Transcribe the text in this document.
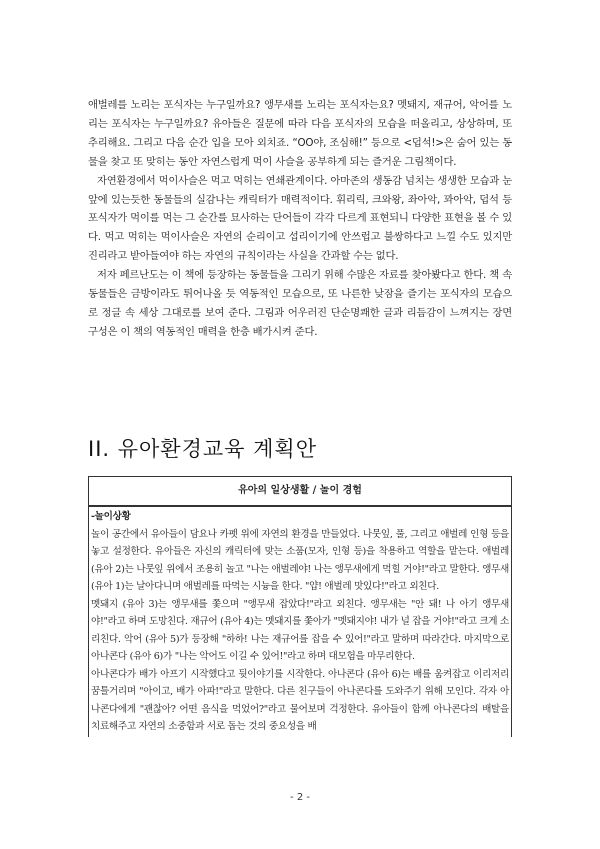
애벌레를 노리는 포식자는 누구일까요? 앵무새를 노리는 포식자는요? 멧돼지, 재규어, 악어를 노리는 포식자는 누구일까요? 유아들은 질문에 따라 다음 포식자의 모습을 떠올리고, 상상하며, 또 추리해요. 그리고 다음 순간 입을 모아 외치죠. “OO야, 조심해!” 등으로 <덥석!>은 숨어 있는 동물을 찾고 또 맞히는 동안 자연스럽게 먹이 사슬을 공부하게 되는 즐거운 그림책이다.

자연환경에서 먹이사슬은 먹고 먹히는 연쇄관계이다. 아마존의 생동감 넘치는 생생한 모습과 눈앞에 있는듯한 동물들의 실감나는 캐릭터가 매력적이다. 휘리릭, 크와왕, 좌아악, 꽈아악, 덥석 등 포식자가 먹이를 먹는 그 순간를 묘사하는 단어들이 각각 다르게 표현되니 다양한 표현을 볼 수 있다. 먹고 먹히는 먹이사슬은 자연의 순리이고 섭리이기에 안쓰럽고 불쌍하다고 느낄 수도 있지만 진리라고 받아들여야 하는 자연의 규칙이라는 사실을 간과할 수는 없다.

저자 페르난도는 이 책에 등장하는 동물들을 그리기 위해 수많은 자료를 찾아봤다고 한다. 책 속 동물들은 금방이라도 튀어나올 듯 역동적인 모습으로, 또 나른한 낮잠을 즐기는 포식자의 모습으로 정글 속 세상 그대로를 보여 준다. 그림과 어우러진 단순명쾌한 글과 리듬감이 느껴지는 장면 구성은 이 책의 역동적인 매력을 한층 배가시켜 준다.

II. 유아환경교육 계획안
유아의 일상생활 / 놀이 경험

-놀이상황

놀이 공간에서 유아들이 담요나 카펫 위에 자연의 환경을 만들었다. 나뭇잎, 풀, 그리고 애벌레 인형 등을 놓고 설정한다. 유아들은 자신의 캐릭터에 맞는 소품(모자, 인형 등)을 착용하고 역할을 맡는다. 애벌레 (유아 2)는 나뭇잎 위에서 조용히 놀고 "나는 애벌레야! 나는 앵무새에게 먹힐 거야!"라고 말한다. 앵무새 (유아 1)는 날아다니며 애벌레를 따먹는 시늉을 한다. "얍! 애벌레 맛있다!"라고 외친다.

멧돼지 (유아 3)는 앵무새를 쫓으며 "앵무새 잡았다!"라고 외친다. 앵무새는 "안 돼! 나 아기 앵무새야!"라고 하며 도망친다. 재규어 (유아 4)는 멧돼지를 쫓아가 "멧돼지야! 내가 널 잡을 거야!"라고 크게 소리친다. 악어 (유아 5)가 등장해 "하하! 나는 재규어를 잡을 수 있어!"라고 말하며 따라간다. 마지막으로 아나콘다 (유아 6)가 "나는 악어도 이길 수 있어!"라고 하며 대모험을 마무리한다.

아나콘다가 배가 아프기 시작했다고 뒷이야기를 시작한다. 아나콘다 (유아 6)는 배를 움켜잡고 이리저리 꿈틀거리며 "아이고, 배가 아파!"라고 말한다. 다른 친구들이 아나콘다를 도와주기 위해 모인다. 각자 아나콘다에게 "괜찮아? 어떤 음식을 먹었어?"라고 물어보며 걱정한다. 유아들이 함께 아나콘다의 배탈을 치료해주고 자연의 소중함과 서로 돕는 것의 중요성을 배

- 2 -
